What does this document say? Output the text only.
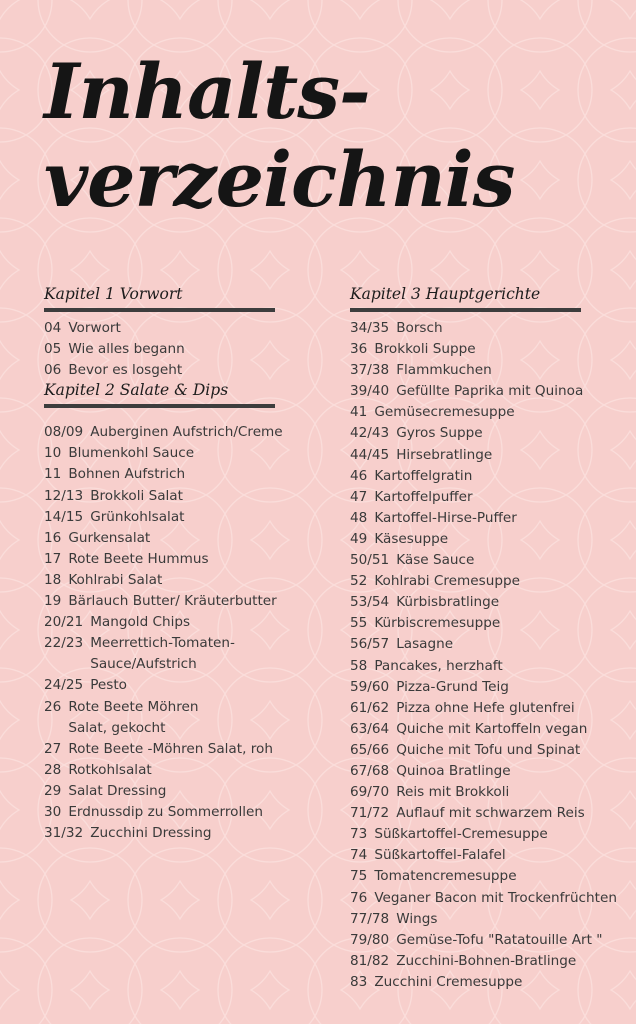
Inhalts-
verzeichnis
Kapitel 1 Vorwort
04 Vorwort
05 Wie alles begann
06 Bevor es losgeht
Kapitel 2 Salate & Dips
08/09 Auberginen Aufstrich/Creme
10 Blumenkohl Sauce
11 Bohnen Aufstrich
12/13 Brokkoli Salat
14/15 Grünkohlsalat
16 Gurkensalat
17 Rote Beete Hummus
18 Kohlrabi Salat
19 Bärlauch Butter/ Kräuterbutter
20/21 Mangold Chips
22/23 Meerrettich-Tomaten-Sauce/Aufstrich
24/25 Pesto
26 Rote Beete Möhren Salat, gekocht
27 Rote Beete -Möhren Salat, roh
28 Rotkohlsalat
29 Salat Dressing
30 Erdnussdip zu Sommerrollen
31/32 Zucchini Dressing
Kapitel 3 Hauptgerichte
34/35 Borsch
36 Brokkoli Suppe
37/38 Flammkuchen
39/40 Gefüllte Paprika mit Quinoa
41 Gemüsecremesuppe
42/43 Gyros Suppe
44/45 Hirsebratlinge
46 Kartoffelgratin
47 Kartoffelpuffer
48 Kartoffel-Hirse-Puffer
49 Käsesuppe
50/51 Käse Sauce
52 Kohlrabi Cremesuppe
53/54 Kürbisbratlinge
55 Kürbiscremesuppe
56/57 Lasagne
58 Pancakes, herzhaft
59/60 Pizza-Grund Teig
61/62 Pizza ohne Hefe glutenfrei
63/64 Quiche mit Kartoffeln vegan
65/66 Quiche mit Tofu und Spinat
67/68 Quinoa Bratlinge
69/70 Reis mit Brokkoli
71/72 Auflauf mit schwarzem Reis
73 Süßkartoffel-Cremesuppe
74 Süßkartoffel-Falafel
75 Tomatencremesuppe
76 Veganer Bacon mit Trockenfrüchten
77/78 Wings
79/80 Gemüse-Tofu "Ratatouille Art "
81/82 Zucchini-Bohnen-Bratlinge
83 Zucchini Cremesuppe
